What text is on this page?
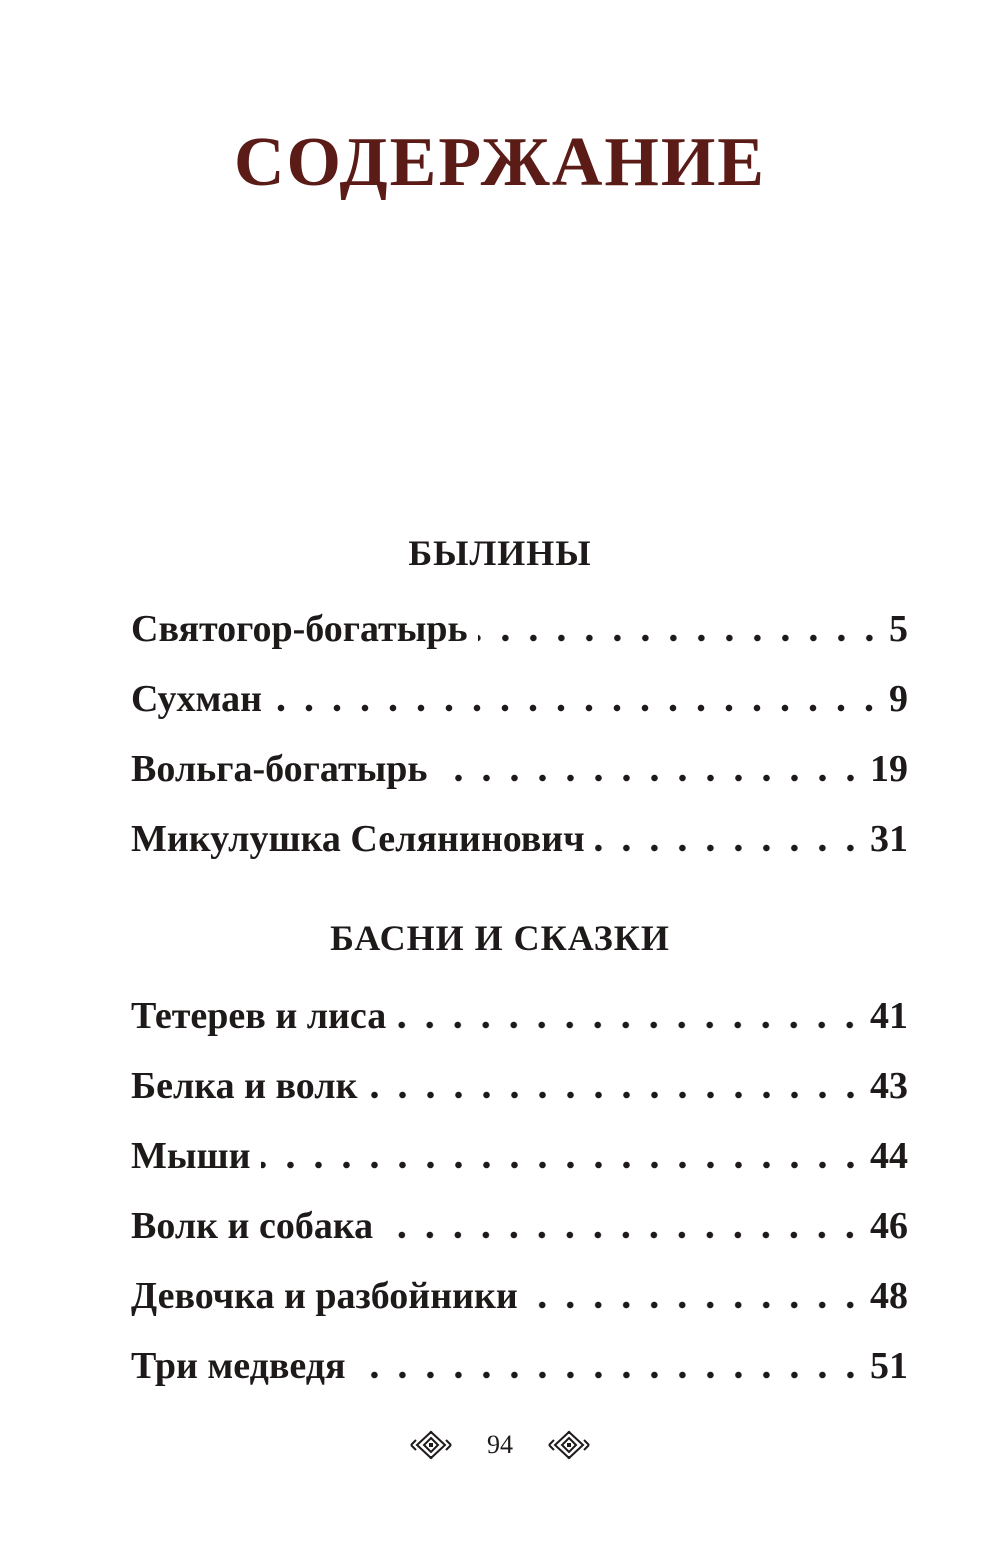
СОДЕРЖАНИЕ
БЫЛИНЫ
Святогор-богатырь	5
Сухман	9
Вольга-богатырь	19
Микулушка Селянинович	31
БАСНИ И СКАЗКИ
Тетерев и лиса	41
Белка и волк	43
Мыши	44
Волк и собака	46
Девочка и разбойники	48
Три медведя	51
94
